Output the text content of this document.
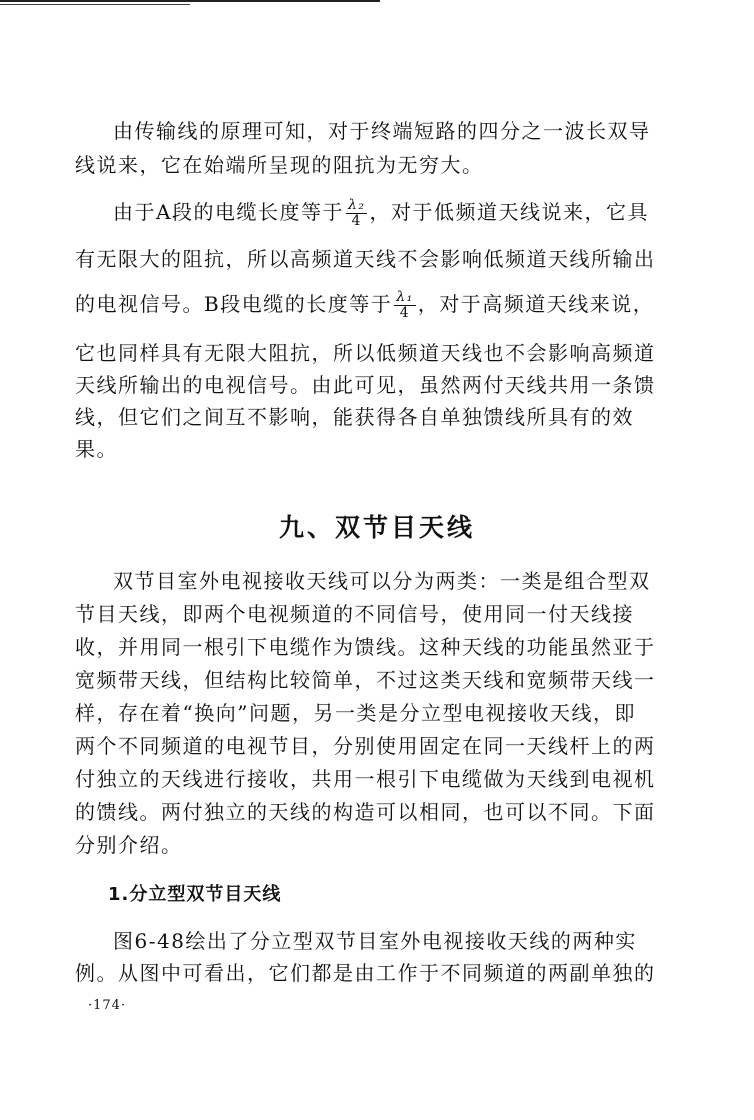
由传输线的原理可知，对于终端短路的四分之一波长双导
线说来，它在始端所呈现的阻抗为无穷大。
由于A段的电缆长度等于 $\frac{\text{λ₂}}{4}$ ，对于低频道天线说来，它具
有无限大的阻抗，所以高频道天线不会影响低频道天线所输出
的电视信号。B段电缆的长度等于 $\frac{\text{λ₁}}{4}$ ，对于高频道天线来说，
它也同样具有无限大阻抗，所以低频道天线也不会影响高频道
天线所输出的电视信号。由此可见，虽然两付天线共用一条馈
线，但它们之间互不影响，能获得各自单独馈线所具有的效
果。
九、双节目天线
双节目室外电视接收天线可以分为两类：一类是组合型双
节目天线，即两个电视频道的不同信号，使用同一付天线接
收，并用同一根引下电缆作为馈线。这种天线的功能虽然亚于
宽频带天线，但结构比较简单，不过这类天线和宽频带天线一
样，存在着“换向”问题，另一类是分立型电视接收天线，即
两个不同频道的电视节目，分别使用固定在同一天线杆上的两
付独立的天线进行接收，共用一根引下电缆做为天线到电视机
的馈线。两付独立的天线的构造可以相同，也可以不同。下面
分别介绍。
1.分立型双节目天线
图6-48绘出了分立型双节目室外电视接收天线的两种实
例。从图中可看出，它们都是由工作于不同频道的两副单独的
·174·
